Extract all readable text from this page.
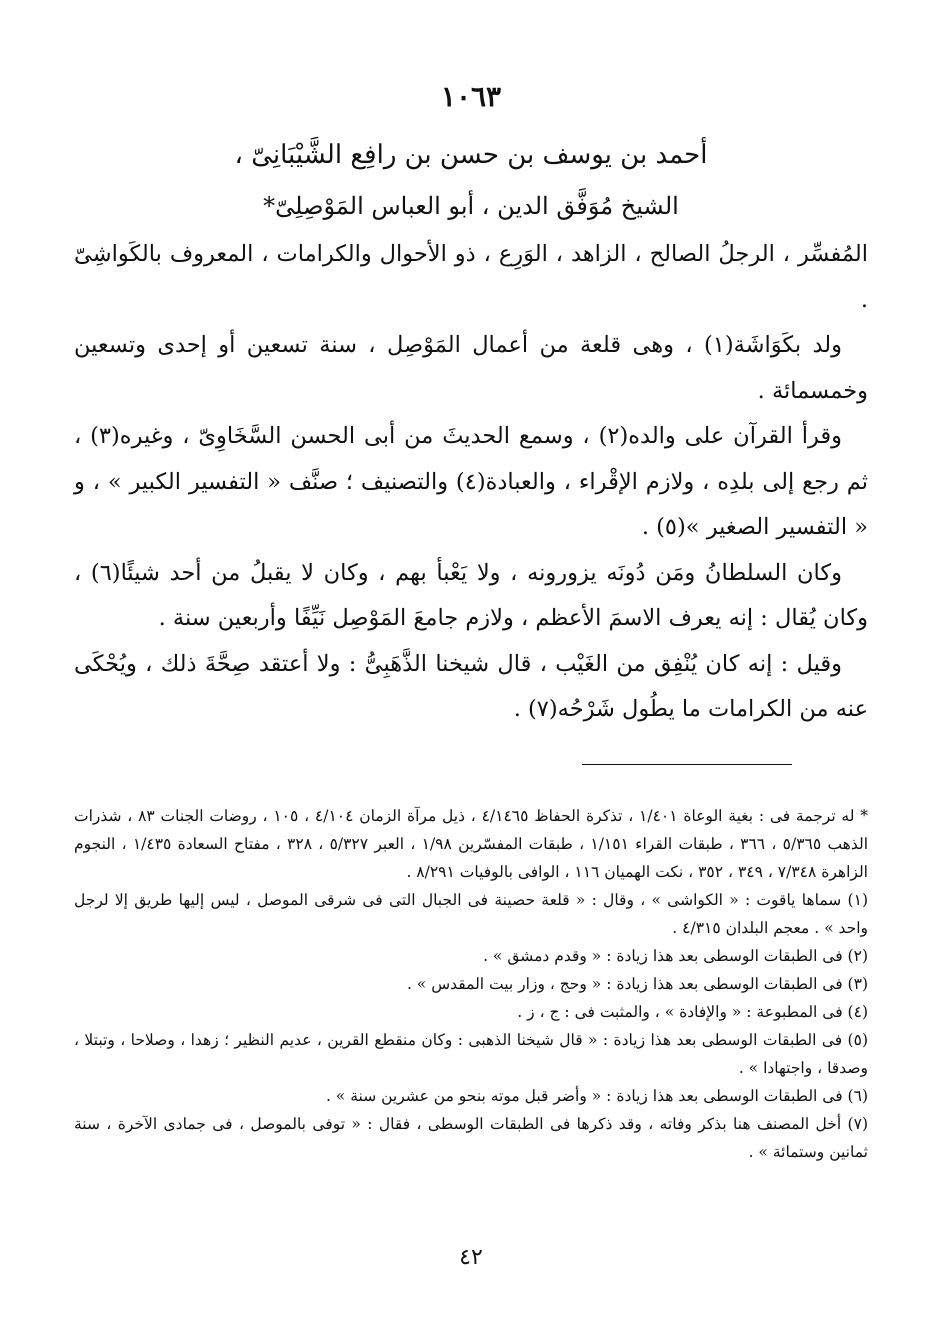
١٠٦٣
أحمد بن يوسف بن حسن بن رافِع الشَّيْبَانِىّ ،
الشيخ مُوَفَّق الدين ، أبو العباس المَوْصِلِىّ*

المُفسِّر ، الرجلُ الصالح ، الزاهد ، الوَرِع ، ذو الأحوال والكرامات ، المعروف بالكَواشِىّ .

ولد بكَوَاشَة(١) ، وهى قلعة من أعمال المَوْصِل ، سنة تسعين أو إحدى وتسعين وخمسمائة .

وقرأ القرآن على والده(٢) ، وسمع الحديثَ من أبى الحسن السَّخَاوِىّ ، وغيره(٣) ، ثم رجع إلى بلدِه ، ولازم الإقْراء ، والعبادة(٤) والتصنيف ؛ صنَّف « التفسير الكبير » ، و « التفسير الصغير »(٥) .

وكان السلطانُ ومَن دُونَه يزورونه ، ولا يَعْبأ بهم ، وكان لا يقبلُ من أحد شيئًا(٦) ، وكان يُقال : إنه يعرف الاسمَ الأعظم ، ولازم جامعَ المَوْصِل نَيِّفًا وأربعين سنة .

وقيل : إنه كان يُنْفِق من الغَيْب ، قال شيخنا الذَّهَبِىُّ : ولا أعتقد صِحَّةَ ذلك ، ويُحْكَى عنه من الكرامات ما يطُول شَرْحُه(٧) .

* له ترجمة فى : بغية الوعاة ١/٤٠١ ، تذكرة الحفاظ ٤/١٤٦٥ ، ذيل مرآة الزمان ٤/١٠٤ ، ١٠٥ ، روضات الجنات ٨٣ ، شذرات الذهب ٥/٣٦٥ ، ٣٦٦ ، طبقات القراء ١/١٥١ ، طبقات المفسّرين ١/٩٨ ، العبر ٥/٣٢٧ ، ٣٢٨ ، مفتاح السعادة ١/٤٣٥ ، النجوم الزاهرة ٧/٣٤٨ ، ٣٤٩ ، ٣٥٢ ، نكت الهميان ١١٦ ، الوافى بالوفيات ٨/٢٩١ .

(١) سماها ياقوت : « الكواشى » ، وقال : « قلعة حصينة فى الجبال التى فى شرقى الموصل ، ليس إليها طريق إلا لرجل واحد » . معجم البلدان ٤/٣١٥ .

(٢) فى الطبقات الوسطى بعد هذا زيادة : « وقدم دمشق » .

(٣) فى الطبقات الوسطى بعد هذا زيادة : « وحج ، وزار بيت المقدس » .

(٤) فى المطبوعة : « والإفادة » ، والمثبت فى : ج ، ز .

(٥) فى الطبقات الوسطى بعد هذا زيادة : « قال شيخنا الذهبى : وكان منقطع القرين ، عديم النظير ؛ زهدا ، وصلاحا ، وتبتلا ، وصدقا ، واجتهادا » .

(٦) فى الطبقات الوسطى بعد هذا زيادة : « وأضر قبل موته بنحو من عشرين سنة » .

(٧) أخل المصنف هنا بذكر وفاته ، وقد ذكرها فى الطبقات الوسطى ، فقال : « توفى بالموصل ، فى جمادى الآخرة ، سنة ثمانين وستمائة » .

٤٢
